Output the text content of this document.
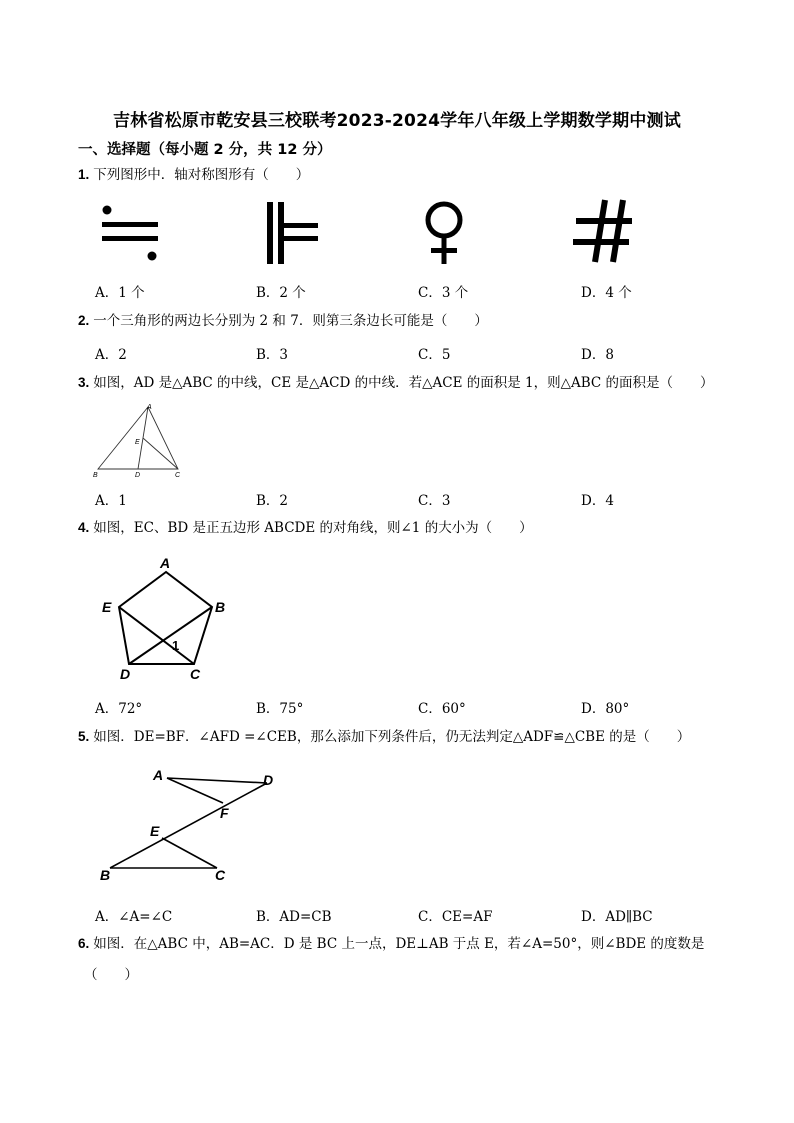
吉林省松原市乾安县三校联考2023-2024学年八年级上学期数学期中测试
一、选择题（每小题 2 分，共 12 分）
1. 下列图形中．轴对称图形有（　　）
A．1 个	B．2 个	C．3 个	D．4 个
2. 一个三角形的两边长分别为 2 和 7．则第三条边长可能是（　　）
A．2	B．3	C．5	D．8
3. 如图，AD 是△ABC 的中线，CE 是△ACD 的中线．若△ACE 的面积是 1，则△ABC 的面积是（　　）
A
E
B	D	C
A．1	B．2	C．3	D．4
4. 如图，EC、BD 是正五边形 ABCDE 的对角线，则∠1 的大小为（　　）
A
E	B
1
D	C
A．72°	B．75°	C．60°	D．80°
5. 如图．DE=BF．∠AFD =∠CEB，那么添加下列条件后，仍无法判定△ADF≌△CBE 的是（　　）
A	D
F
E
B	C
A．∠A=∠C	B．AD=CB	C．CE=AF	D．AD∥BC
6. 如图．在△ABC 中，AB=AC．D 是 BC 上一点，DE⊥AB 于点 E，若∠A=50°，则∠BDE 的度数是
（　　）
